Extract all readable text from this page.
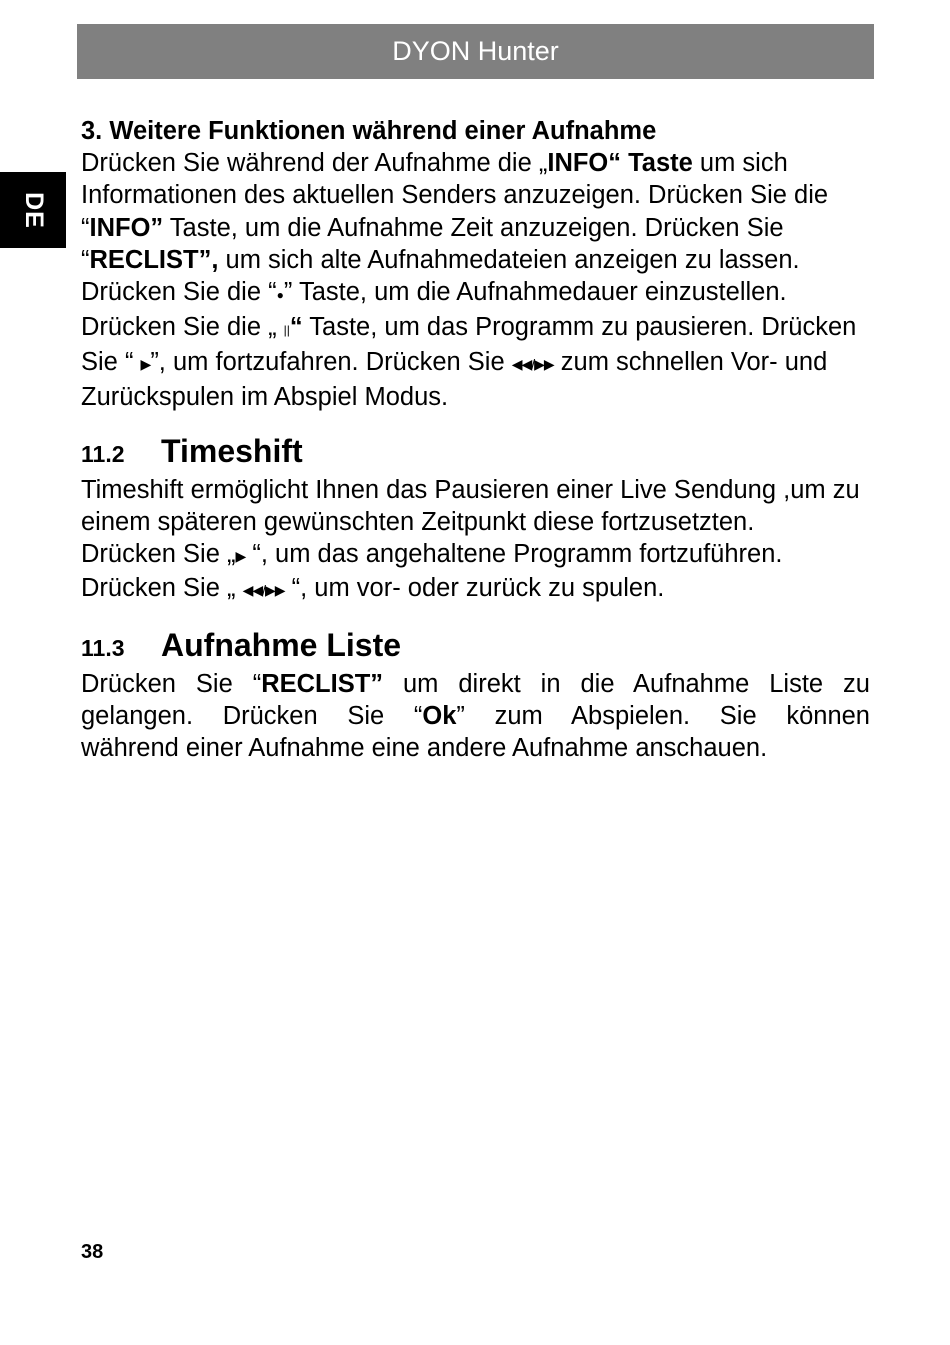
DYON Hunter
DE

3. Weitere Funktionen während einer Aufnahme

Drücken Sie während der Aufnahme die „INFO“ Taste um sich Informationen des aktuellen Senders anzuzeigen. Drücken Sie die “INFO” Taste, um die Aufnahme Zeit anzuzeigen. Drücken Sie “RECLIST”, um sich alte Aufnahmedateien anzeigen zu lassen. Drücken Sie die “●” Taste, um die Aufnahmedauer einzustellen. Drücken Sie die „ ||“ Taste, um das Programm zu pausieren. Drücken Sie “ ▶”, um fortzufahren. Drücken Sie ◀◀/▶▶ zum schnellen Vor- und Zurückspulen im Abspiel Modus.

11.2	Timeshift

Timeshift ermöglicht Ihnen das Pausieren einer Live Sendung ,um zu einem späteren gewünschten Zeitpunkt diese fortzusetzten.

Drücken Sie „▶ “, um das angehaltene Programm fortzuführen.

Drücken Sie „ ◀◀/▶▶ “, um vor- oder zurück zu spulen.

11.3	Aufnahme Liste
Drücken Sie “RECLIST” um direkt in die Aufnahme Liste zu
gelangen. Drücken Sie “Ok” zum Abspielen. Sie können
während einer Aufnahme eine andere Aufnahme anschauen.
38
